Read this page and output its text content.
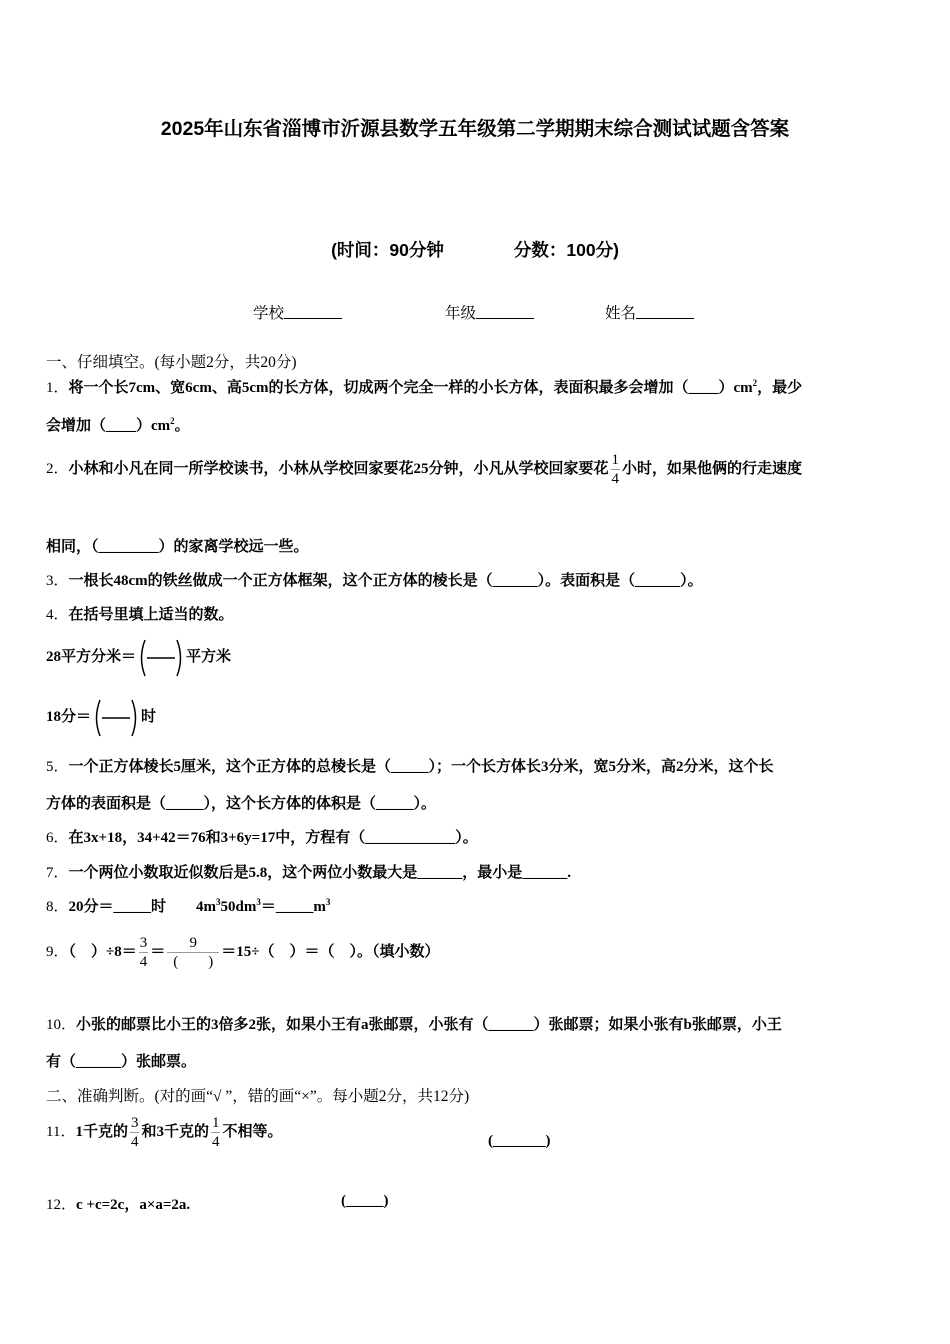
2025年山东省淄博市沂源县数学五年级第二学期期末综合测试试题含答案
(时间：90分钟	分数：100分)
学校	年级	姓名
一、仔细填空。(每小题2分，共20分)
1．将一个长7cm、宽6cm、高5cm的长方体，切成两个完全一样的小长方体，表面积最多会增加$(\_\_\_\_)cm^2$，最少
会增加$(\_\_\_\_)cm^2$。
2．小林和小凡在同一所学校读书，小林从学校回家要花25分钟，小凡从学校回家要花 $\frac{1}{4}$ 小时，如果他俩的行走速度
相同，（________）的家离学校远一些。
3．一根长48cm的铁丝做成一个正方体框架，这个正方体的棱长是（______）。表面积是（______）。
4．在括号里填上适当的数。
28平方分米＝	平方米
18分＝	时
5．一个正方体棱长5厘米，这个正方体的总棱长是（_____）；一个长方体长3分米，宽5分米，高2分米，这个长
方体的表面积是（_____），这个长方体的体积是（_____）。
6．在3x+18，34+42＝76和3+6y=17中，方程有（____________）。
7．一个两位小数取近似数后是5.8，这个两位小数最大是______，最小是______.
8．20分＝_____时　　$4m^350dm^3=\_\_\_\_\_m^3$
9．（　）$\div 8= \frac{3}{4} = \frac{9}{( )} =15\div$（　）＝（　）。（填小数）
10．小张的邮票比小王的3倍多2张，如果小王有a张邮票，小张有（______）张邮票；如果小张有b张邮票，小王
有（______）张邮票。
二、准确判断。(对的画“√ ”，错的画“×”。每小题2分，共12分)
11．1千克的 $\frac{3}{4}$ 和3千克的 $\frac{1}{4}$ 不相等。
(_______)
12．c +c=2c，a×a=2a.	(_____)
